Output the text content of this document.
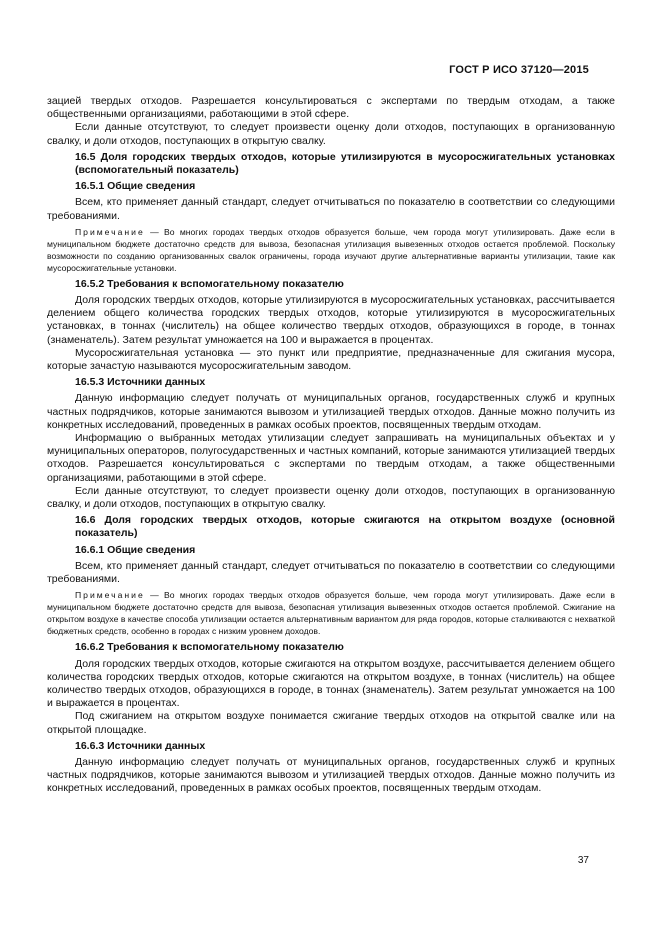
ГОСТ Р ИСО 37120—2015

зацией твердых отходов. Разрешается консультироваться с экспертами по твердым отходам, а также общественными организациями, работающими в этой сфере.

Если данные отсутствуют, то следует произвести оценку доли отходов, поступающих в организованную свалку, и доли отходов, поступающих в открытую свалку.

16.5 Доля городских твердых отходов, которые утилизируются в мусоросжигательных установках (вспомогательный показатель)

16.5.1 Общие сведения

Всем, кто применяет данный стандарт, следует отчитываться по показателю в соответствии со следующими требованиями.

Примечание — Во многих городах твердых отходов образуется больше, чем города могут утилизировать. Даже если в муниципальном бюджете достаточно средств для вывоза, безопасная утилизация вывезенных отходов остается проблемой. Поскольку возможности по созданию организованных свалок ограничены, города изучают другие альтернативные варианты утилизации, такие как мусоросжигательные установки.

16.5.2 Требования к вспомогательному показателю

Доля городских твердых отходов, которые утилизируются в мусоросжигательных установках, рассчитывается делением общего количества городских твердых отходов, которые утилизируются в мусоросжигательных установках, в тоннах (числитель) на общее количество твердых отходов, образующихся в городе, в тоннах (знаменатель). Затем результат умножается на 100 и выражается в процентах.

Мусоросжигательная установка — это пункт или предприятие, предназначенные для сжигания мусора, которые зачастую называются мусоросжигательным заводом.

16.5.3 Источники данных

Данную информацию следует получать от муниципальных органов, государственных служб и крупных частных подрядчиков, которые занимаются вывозом и утилизацией твердых отходов. Данные можно получить из конкретных исследований, проведенных в рамках особых проектов, посвященных твердым отходам.

Информацию о выбранных методах утилизации следует запрашивать на муниципальных объектах и у муниципальных операторов, полугосударственных и частных компаний, которые занимаются утилизацией твердых отходов. Разрешается консультироваться с экспертами по твердым отходам, а также общественными организациями, работающими в этой сфере.

Если данные отсутствуют, то следует произвести оценку доли отходов, поступающих в организованную свалку, и доли отходов, поступающих в открытую свалку.

16.6 Доля городских твердых отходов, которые сжигаются на открытом воздухе (основной показатель)

16.6.1 Общие сведения

Всем, кто применяет данный стандарт, следует отчитываться по показателю в соответствии со следующими требованиями.

Примечание — Во многих городах твердых отходов образуется больше, чем города могут утилизировать. Даже если в муниципальном бюджете достаточно средств для вывоза, безопасная утилизация вывезенных отходов остается проблемой. Сжигание на открытом воздухе в качестве способа утилизации остается альтернативным вариантом для ряда городов, которые сталкиваются с нехваткой бюджетных средств, особенно в городах с низким уровнем доходов.

16.6.2 Требования к вспомогательному показателю

Доля городских твердых отходов, которые сжигаются на открытом воздухе, рассчитывается делением общего количества городских твердых отходов, которые сжигаются на открытом воздухе, в тоннах (числитель) на общее количество твердых отходов, образующихся в городе, в тоннах (знаменатель). Затем результат умножается на 100 и выражается в процентах.

Под сжиганием на открытом воздухе понимается сжигание твердых отходов на открытой свалке или на открытой площадке.

16.6.3 Источники данных

Данную информацию следует получать от муниципальных органов, государственных служб и крупных частных подрядчиков, которые занимаются вывозом и утилизацией твердых отходов. Данные можно получить из конкретных исследований, проведенных в рамках особых проектов, посвященных твердым отходам.

37
